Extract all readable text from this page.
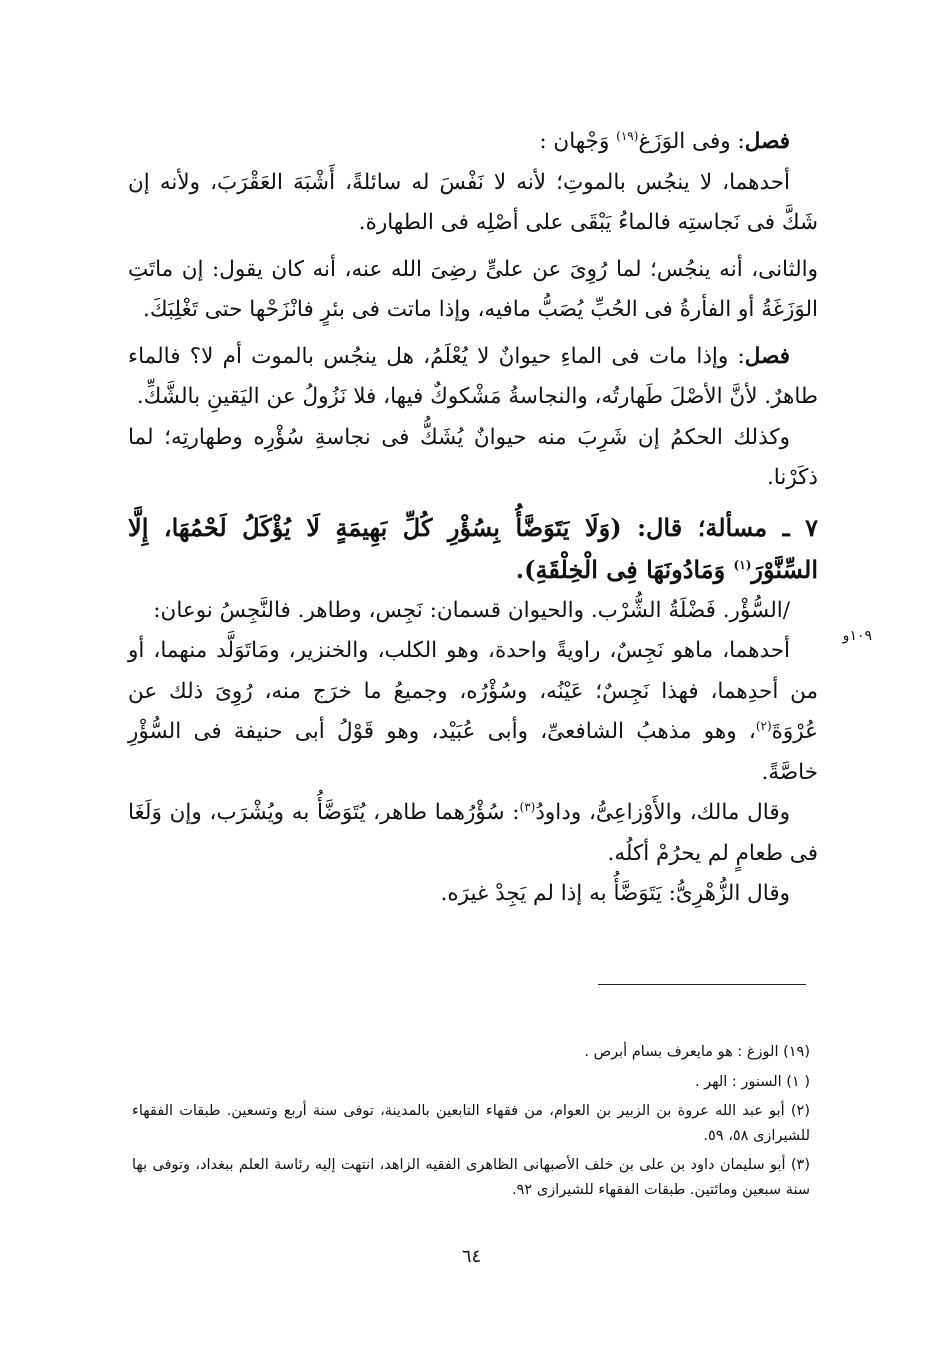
فصل: وفى الوَزَغ$^{(١٩)}$ وَجْهان :

أحدهما، لا ينجُس بالموتِ؛ لأنه لا نَفْسَ له سائلةً، أَشْبَهَ العَقْرَبَ، ولأنه إن شَكَّ فى نَجاستِه فالماءُ يَبْقَى على أصْلِه فى الطهارة.

والثانى، أنه ينجُس؛ لما رُوِىَ عن علىٍّ رضِىَ الله عنه، أنه كان يقول: إن ماتَتِ الوَزَغَةُ أو الفأرةُ فى الحُبِّ يُصَبُّ مافيه، وإذا ماتت فى بئرٍ فانْزَحْها حتى تَغْلِبَكَ.

فصل: وإذا مات فى الماءِ حيوانٌ لا يُعْلَمُ، هل ينجُس بالموت أم لا؟ فالماء طاهرٌ. لأنَّ الأصْلَ طَهارتُه، والنجاسةُ مَشْكوكٌ فيها، فلا نَزُولُ عن اليَقينِ بالشَّكِّ.

وكذلك الحكمُ إن شَرِبَ منه حيوانٌ يُشَكُّ فى نجاسةِ سُؤْرِه وطهارتِه؛ لما ذكَرْنا.

٧ ـ مسألة؛ قال: (وَلَا يَتَوَضَّأُ بِسُؤْرِ كُلِّ بَهِيمَةٍ لَا يُؤْكَلُ لَحْمُهَا، إِلَّا السِّنَّوْرَ$^{(١)}$ وَمَادُونَهَا فِى الْخِلْقَةِ).

/السُّؤْر. فَضْلَةُ الشُّرْب. والحيوان قسمان: نَجِس، وطاهر. فالنَّجِسُ نوعان:

أحدهما، ماهو نَجِسٌ، راويةً واحدة، وهو الكلب، والخنزير، ومَاتَوَلَّد منهما، أو من أحدِهما، فهذا نَجِسٌ؛ عَيْنُه، وسُؤْرُه، وجميعُ ما خرَج منه، رُوِىَ ذلك عن عُرْوَةَ$^{(٢)}$، وهو مذهبُ الشافعىِّ، وأبى عُبَيْد، وهو قَوْلُ أبى حنيفة فى السُّؤْرِ خاصَّةً.

وقال مالك، والأَوْزاعِىُّ، وداودُ$^{(٣)}$: سُؤْرُهما طاهر، يُتَوَضَّأُ به ويُشْرَب، وإن وَلَغَا فى طعامٍ لم يحرُمْ أكلُه.

وقال الزُّهْرِىُّ: يَتَوَضَّأُ به إذا لم يَجِدْ غيرَه.

١٠٩و

(١٩) الوزغ : هو مايعرف بسام أبرص .

( ١) السنور : الهر .

(٢) أبو عبد الله عروة بن الزبير بن العوام، من فقهاء التابعين بالمدينة، توفى سنة أربع وتسعين. طبقات الفقهاء للشيرازى ٥٨، ٥٩.

(٣) أبو سليمان داود بن على بن خلف الأصبهانى الظاهرى الفقيه الزاهد، انتهت إليه رئاسة العلم ببغداد، وتوفى بها سنة سبعين ومائتين. طبقات الفقهاء للشيرازى ٩٢.

٦٤
